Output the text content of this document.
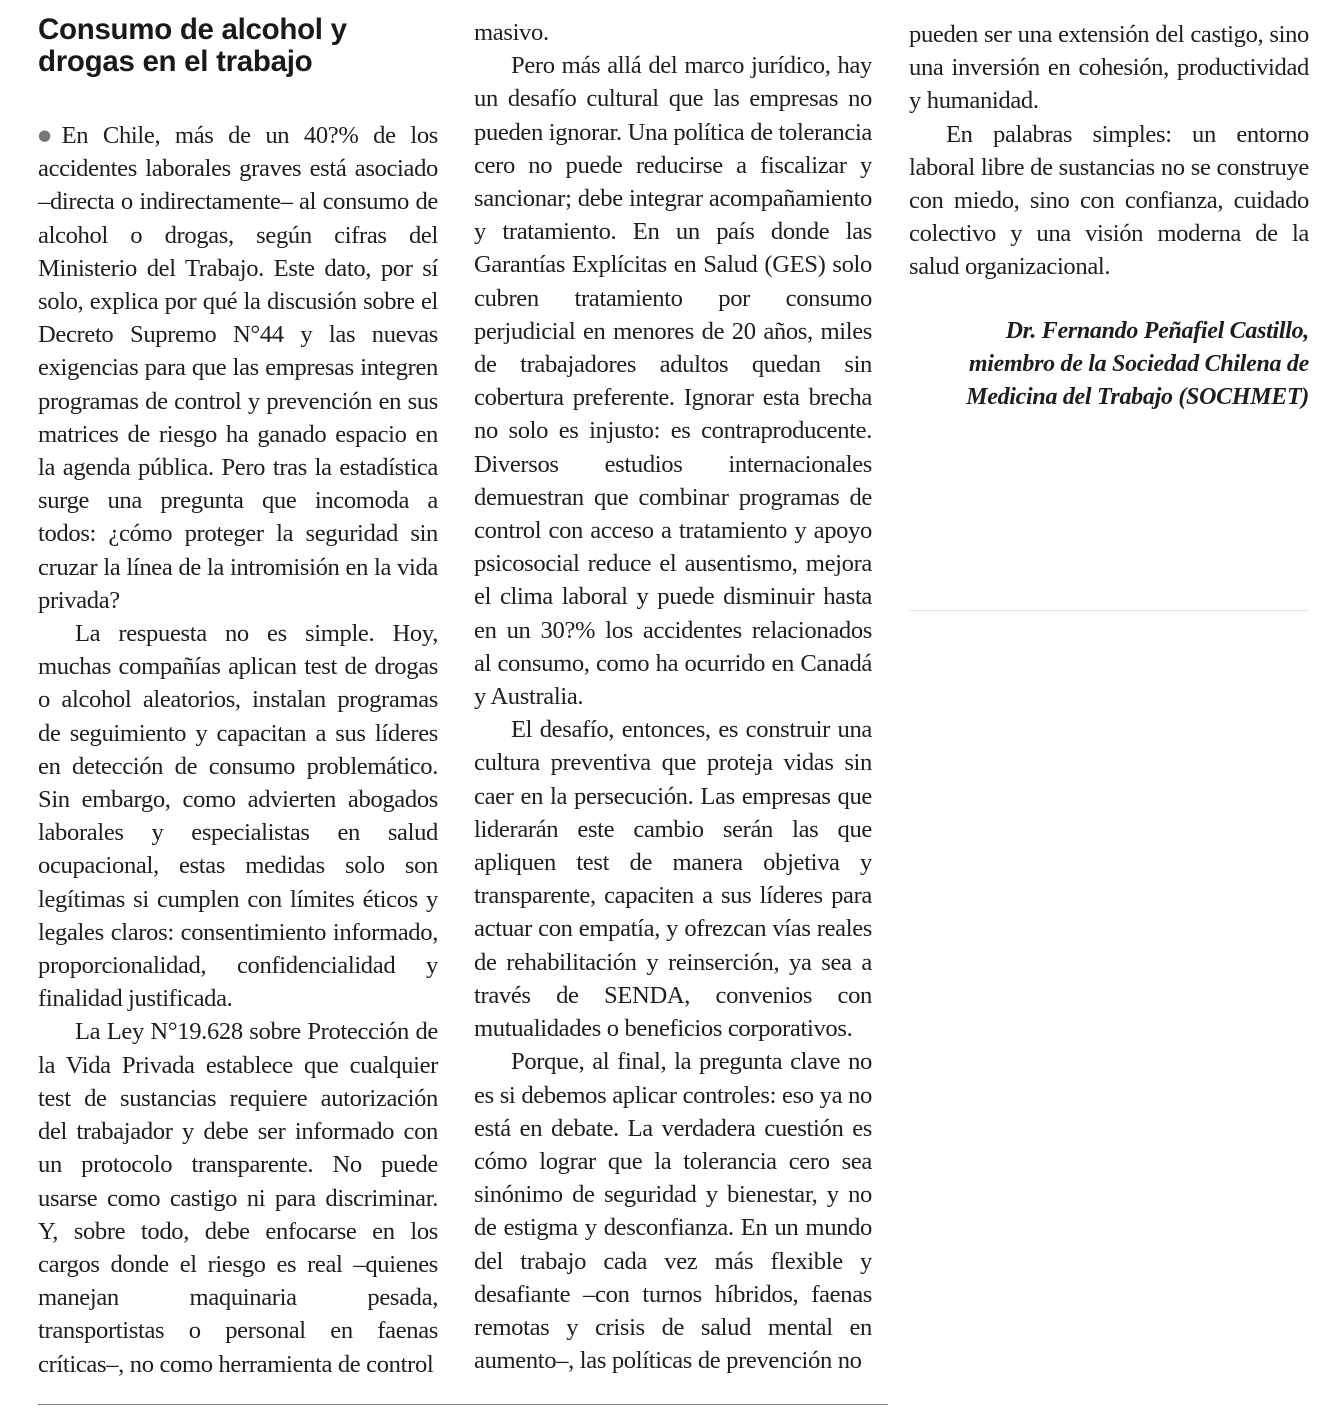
Consumo de alcohol y drogas en el trabajo

●En Chile, más de un 40?% de los accidentes laborales graves está asociado –directa o indirectamente– al consumo de alcohol o drogas, según cifras del Ministerio del Trabajo. Este dato, por sí solo, explica por qué la discusión sobre el Decreto Supremo N°44 y las nuevas exigencias para que las empresas integren programas de control y prevención en sus matrices de riesgo ha ganado espacio en la agenda pública. Pero tras la estadística surge una pregunta que incomoda a todos: ¿cómo proteger la seguridad sin cruzar la línea de la intromisión en la vida privada?

La respuesta no es simple. Hoy, muchas compañías aplican test de drogas o alcohol aleatorios, instalan programas de seguimiento y capacitan a sus líderes en detección de consumo problemático. Sin embargo, como advierten abogados laborales y especialistas en salud ocupacional, estas medidas solo son legítimas si cumplen con límites éticos y legales claros: consentimiento informado, proporcionalidad, confidencialidad y finalidad justificada.

La Ley N°19.628 sobre Protección de la Vida Privada establece que cualquier test de sustancias requiere autorización del trabajador y debe ser informado con un protocolo transparente. No puede usarse como castigo ni para discriminar. Y, sobre todo, debe enfocarse en los cargos donde el riesgo es real –quienes manejan maquinaria pesada, transportistas o personal en faenas críticas–, no como herramienta de control

masivo.

Pero más allá del marco jurídico, hay un desafío cultural que las empresas no pueden ignorar. Una política de tolerancia cero no puede reducirse a fiscalizar y sancionar; debe integrar acompañamiento y tratamiento. En un país donde las Garantías Explícitas en Salud (GES) solo cubren tratamiento por consumo perjudicial en menores de 20 años, miles de trabajadores adultos quedan sin cobertura preferente. Ignorar esta brecha no solo es injusto: es contraproducente. Diversos estudios internacionales demuestran que combinar programas de control con acceso a tratamiento y apoyo psicosocial reduce el ausentismo, mejora el clima laboral y puede disminuir hasta en un 30?% los accidentes relacionados al consumo, como ha ocurrido en Canadá y Australia.

El desafío, entonces, es construir una cultura preventiva que proteja vidas sin caer en la persecución. Las empresas que liderarán este cambio serán las que apliquen test de manera objetiva y transparente, capaciten a sus líderes para actuar con empatía, y ofrezcan vías reales de rehabilitación y reinserción, ya sea a través de SENDA, convenios con mutualidades o beneficios corporativos.

Porque, al final, la pregunta clave no es si debemos aplicar controles: eso ya no está en debate. La verdadera cuestión es cómo lograr que la tolerancia cero sea sinónimo de seguridad y bienestar, y no de estigma y desconfianza. En un mundo del trabajo cada vez más flexible y desafiante –con turnos híbridos, faenas remotas y crisis de salud mental en aumento–, las políticas de prevención no

pueden ser una extensión del castigo, sino una inversión en cohesión, productividad y humanidad.

En palabras simples: un entorno laboral libre de sustancias no se construye con miedo, sino con confianza, cuidado colectivo y una visión moderna de la salud organizacional.

Dr. Fernando Peñafiel Castillo,
miembro de la Sociedad Chilena de
Medicina del Trabajo (SOCHMET)
